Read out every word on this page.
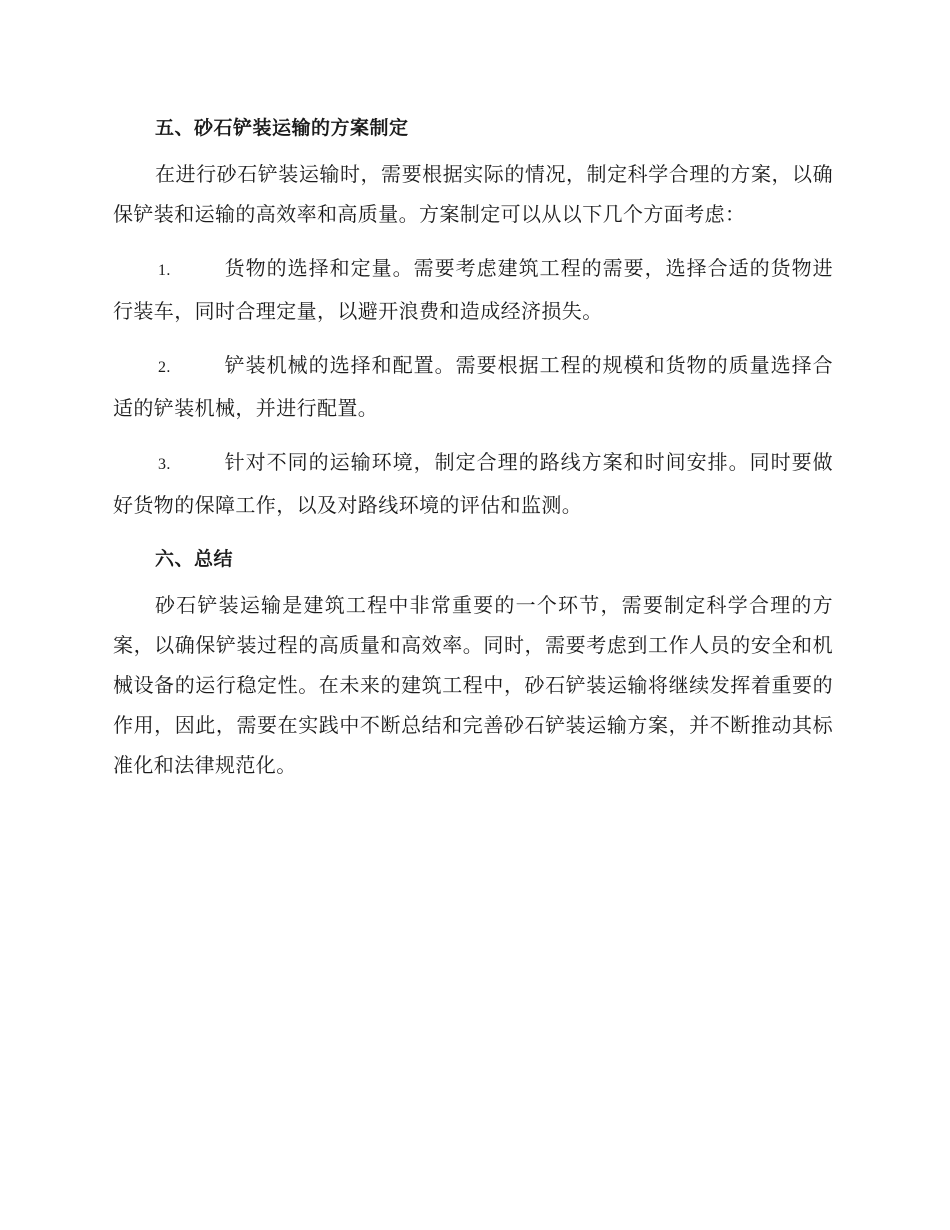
五、砂石铲装运输的方案制定

在进行砂石铲装运输时，需要根据实际的情况，制定科学合理的方案，以确保铲装和运输的高效率和高质量。方案制定可以从以下几个方面考虑：

1.	货物的选择和定量。需要考虑建筑工程的需要，选择合适的货物进行装车，同时合理定量，以避开浪费和造成经济损失。
2.	铲装机械的选择和配置。需要根据工程的规模和货物的质量选择合适的铲装机械，并进行配置。
3.	针对不同的运输环境，制定合理的路线方案和时间安排。同时要做好货物的保障工作，以及对路线环境的评估和监测。
六、总结

砂石铲装运输是建筑工程中非常重要的一个环节，需要制定科学合理的方案，以确保铲装过程的高质量和高效率。同时，需要考虑到工作人员的安全和机械设备的运行稳定性。在未来的建筑工程中，砂石铲装运输将继续发挥着重要的作用，因此，需要在实践中不断总结和完善砂石铲装运输方案，并不断推动其标准化和法律规范化。
